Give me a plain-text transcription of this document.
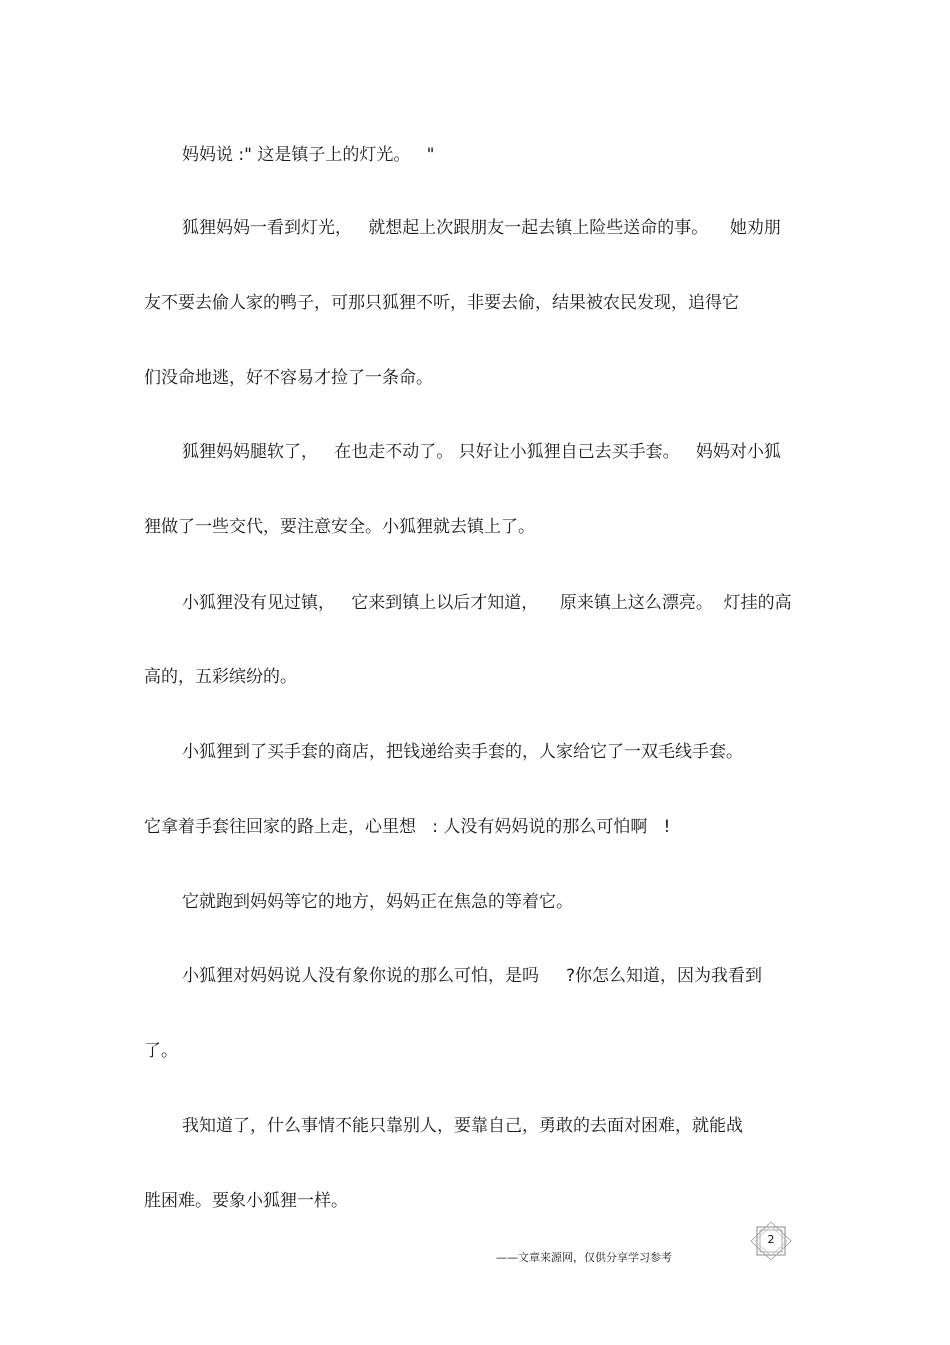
妈妈说 :" 这是镇子上的灯光。   "
狐狸妈妈一看到灯光，   就想起上次跟朋友一起去镇上险些送命的事。    她劝朋
友不要去偷人家的鸭子，可那只狐狸不听，非要去偷，结果被农民发现，追得它
们没命地逃，好不容易才捡了一条命。
狐狸妈妈腿软了，   在也走不动了。 只好让小狐狸自己去买手套。   妈妈对小狐
狸做了一些交代，要注意安全。小狐狸就去镇上了。
小狐狸没有见过镇，   它来到镇上以后才知道，    原来镇上这么漂亮。  灯挂的高
高的，五彩缤纷的。
小狐狸到了买手套的商店，把钱递给卖手套的，人家给它了一双毛线手套。
它拿着手套往回家的路上走，心里想   : 人没有妈妈说的那么可怕啊   !
它就跑到妈妈等它的地方，妈妈正在焦急的等着它。
小狐狸对妈妈说人没有象你说的那么可怕，是吗     ?你怎么知道，因为我看到
了。
我知道了，什么事情不能只靠别人，要靠自己，勇敢的去面对困难，就能战
胜困难。要象小狐狸一样。
——文章来源网，仅供分享学习参考
2
